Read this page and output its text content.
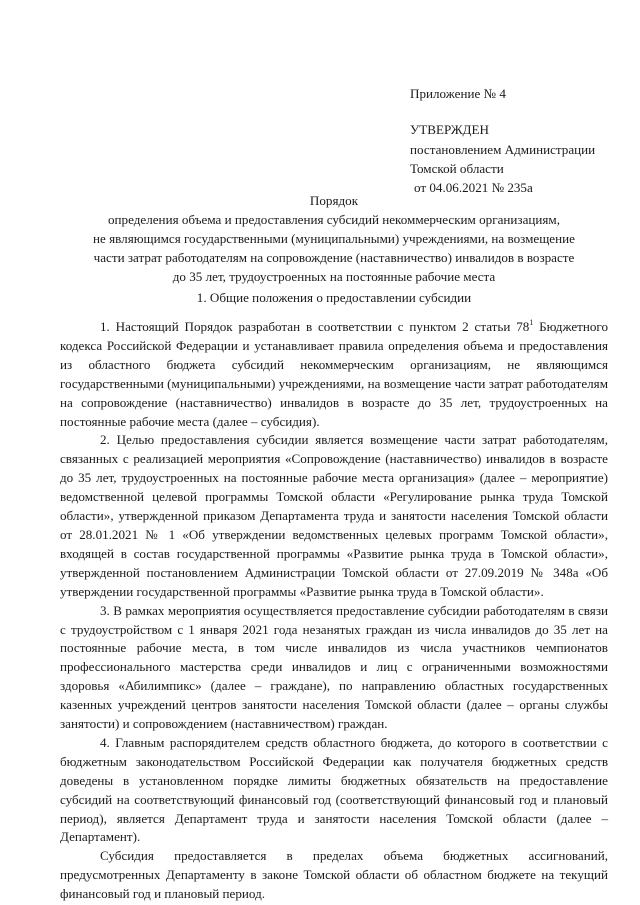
Приложение № 4

УТВЕРЖДЕН

постановлением Администрации

Томской области

от 04.06.2021 № 235а

Порядок

определения объема и предоставления субсидий некоммерческим организациям,

не являющимся государственными (муниципальными) учреждениями, на возмещение

части затрат работодателям на сопровождение (наставничество) инвалидов в возрасте

до 35 лет, трудоустроенных на постоянные рабочие места

1. Общие положения о предоставлении субсидии

1. Настоящий Порядок разработан в соответствии с пунктом 2 статьи $78^1$ Бюджетного кодекса Российской Федерации и устанавливает правила определения объема и предоставления из областного бюджета субсидий некоммерческим организациям, не являющимся государственными (муниципальными) учреждениями, на возмещение части затрат работодателям на сопровождение (наставничество) инвалидов в возрасте до 35 лет, трудоустроенных на постоянные рабочие места (далее – субсидия).

2. Целью предоставления субсидии является возмещение части затрат работодателям, связанных с реализацией мероприятия «Сопровождение (наставничество) инвалидов в возрасте до 35 лет, трудоустроенных на постоянные рабочие места организация» (далее – мероприятие) ведомственной целевой программы Томской области «Регулирование рынка труда Томской области», утвержденной приказом Департамента труда и занятости населения Томской области от 28.01.2021 № 1 «Об утверждении ведомственных целевых программ Томской области», входящей в состав государственной программы «Развитие рынка труда в Томской области», утвержденной постановлением Администрации Томской области от 27.09.2019 № 348а «Об утверждении государственной программы «Развитие рынка труда в Томской области».

3. В рамках мероприятия осуществляется предоставление субсидии работодателям в связи с трудоустройством с 1 января 2021 года незанятых граждан из числа инвалидов до 35 лет на постоянные рабочие места, в том числе инвалидов из числа участников чемпионатов профессионального мастерства среди инвалидов и лиц с ограниченными возможностями здоровья «Абилимпикс» (далее – граждане), по направлению областных государственных казенных учреждений центров занятости населения Томской области (далее – органы службы занятости) и сопровождением (наставничеством) граждан.

4. Главным распорядителем средств областного бюджета, до которого в соответствии с бюджетным законодательством Российской Федерации как получателя бюджетных средств доведены в установленном порядке лимиты бюджетных обязательств на предоставление субсидий на соответствующий финансовый год (соответствующий финансовый год и плановый период), является Департамент труда и занятости населения Томской области (далее – Департамент).

Субсидия предоставляется в пределах объема бюджетных ассигнований, предусмотренных Департаменту в законе Томской области об областном бюджете на текущий финансовый год и плановый период.
